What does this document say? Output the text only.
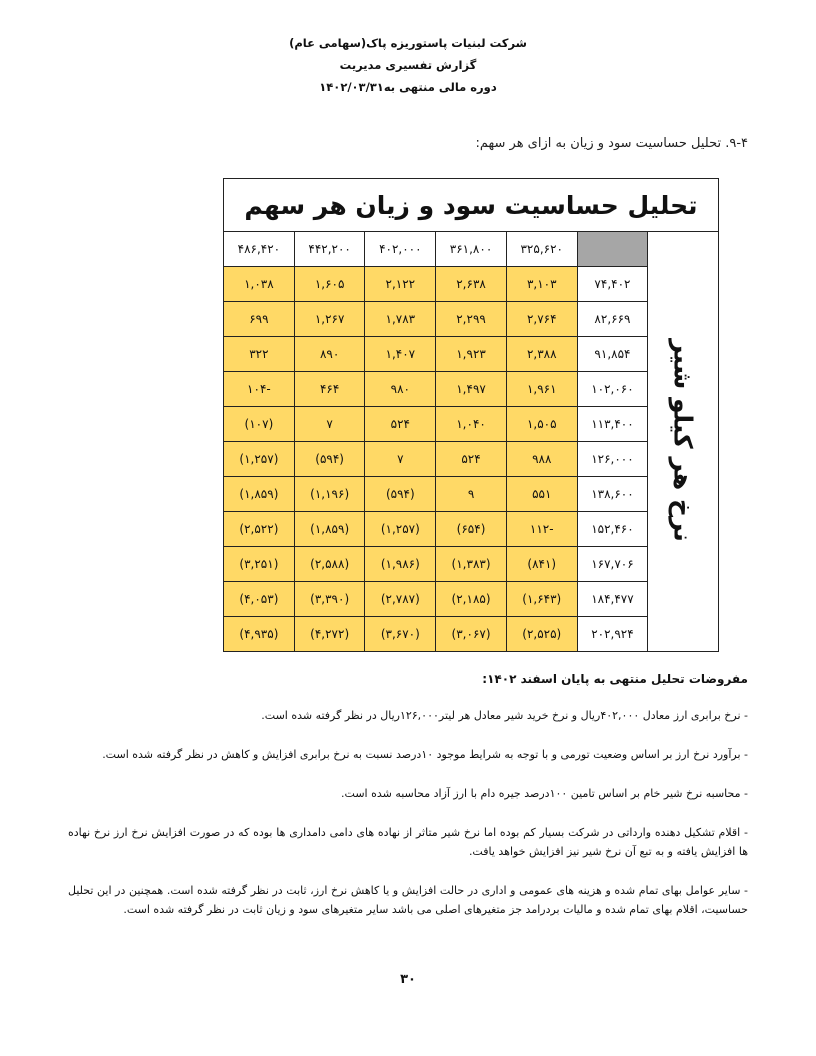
شرکت لبنیات پاستوریزه پاک(سهامی عام)
گزارش تفسیری مدیریت
دوره مالی منتهی به۱۴۰۲/۰۳/۳۱
۹-۴. تحلیل حساسیت سود و زیان به ازای هر سهم:
تحلیل حساسیت سود و زیان هر سهم						
نرخ هر کیلو شیر		۳۲۵,۶۲۰	۳۶۱,۸۰۰	۴۰۲,۰۰۰	۴۴۲,۲۰۰	۴۸۶,۴۲۰
	۷۴,۴۰۲	۳,۱۰۳	۲,۶۳۸	۲,۱۲۲	۱,۶۰۵	۱,۰۳۸
	۸۲,۶۶۹	۲,۷۶۴	۲,۲۹۹	۱,۷۸۳	۱,۲۶۷	۶۹۹
	۹۱,۸۵۴	۲,۳۸۸	۱,۹۲۳	۱,۴۰۷	۸۹۰	۳۲۲
	۱۰۲,۰۶۰	۱,۹۶۱	۱,۴۹۷	۹۸۰	۴۶۴	-۱۰۴
	۱۱۳,۴۰۰	۱,۵۰۵	۱,۰۴۰	۵۲۴	۷	(۱۰۷)
	۱۲۶,۰۰۰	۹۸۸	۵۲۴	۷	(۵۹۴)	(۱,۲۵۷)
	۱۳۸,۶۰۰	۵۵۱	۹	(۵۹۴)	(۱,۱۹۶)	(۱,۸۵۹)
	۱۵۲,۴۶۰	-۱۱۲	(۶۵۴)	(۱,۲۵۷)	(۱,۸۵۹)	(۲,۵۲۲)
	۱۶۷,۷۰۶	(۸۴۱)	(۱,۳۸۳)	(۱,۹۸۶)	(۲,۵۸۸)	(۳,۲۵۱)
	۱۸۴,۴۷۷	(۱,۶۴۳)	(۲,۱۸۵)	(۲,۷۸۷)	(۳,۳۹۰)	(۴,۰۵۳)
	۲۰۲,۹۲۴	(۲,۵۲۵)	(۳,۰۶۷)	(۳,۶۷۰)	(۴,۲۷۲)	(۴,۹۳۵)
مفروضات تحلیل منتهی به پایان اسفند ۱۴۰۲:

- نرخ برابری ارز معادل ۴۰۲,۰۰۰ریال و نرخ خرید شیر معادل هر لیتر۱۲۶,۰۰۰ریال در نظر گرفته شده است.

- برآورد نرخ ارز بر اساس وضعیت تورمی و با توجه به شرایط موجود ۱۰درصد نسبت به نرخ برابری افزایش و کاهش در نظر گرفته شده است.

- محاسبه نرخ شیر خام بر اساس تامین ۱۰۰درصد جیره دام با ارز آزاد محاسبه شده است.

- اقلام تشکیل دهنده وارداتی در شرکت بسیار کم بوده اما نرخ شیر متاثر از نهاده های دامی دامداری ها بوده که در صورت افزایش نرخ ارز نرخ نهاده ها افزایش یافته و به تبع آن نرخ شیر نیز افزایش خواهد یافت.

- سایر عوامل بهای تمام شده و هزینه های عمومی و اداری در حالت افزایش و یا کاهش نرخ ارز، ثابت در نظر گرفته شده است. همچنین در این تحلیل حساسیت، اقلام بهای تمام شده و مالیات بردرامد جز متغیرهای اصلی می باشد سایر متغیرهای سود و زیان ثابت در نظر گرفته شده است.

۳۰
